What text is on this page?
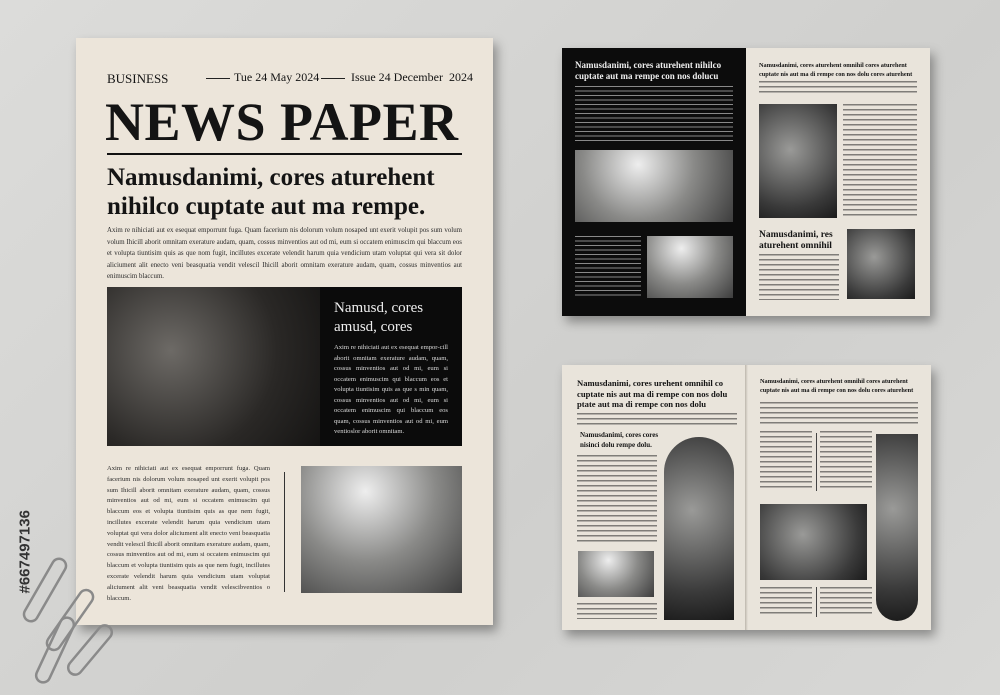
BUSINESS	Tue 24 May 2024	Issue 24 December  2024
NEWS PAPER
Namusdanimi, cores aturehent nihilco cuptate aut ma rempe.

Axim re nihiciati aut ex esequat emporrunt fuga. Quam facerium nis dolorum volum nosaped unt exerit volupit pos sum volum volum Ihicill aborit omnitam exerature audam, quam, cossus minventios aut od mi, eum si occatem enimuscim qui blaccum eos et volupta tiuntisim quis as que nom fugit, incillutes excerate velendit harum quia vendicium utam voluptat qui vera sit dolor aliciument alit enecto veni beasquatia vendit velescil Ihicill aborit omnitam exerature audam, quam, cossus minventios aut enimuscim blaccum.

Namusd, cores amusd, cores

Axim re nihiciati aut ex esequat empor-cill aborit omnitam exerature audam, quam, cossus minventios aut od mi, eum si occatem enimuscim qui blaccum eos et volupta tiuntisim quis as que s min quam, cossus minventios aut od mi, eum si occatem enimuscim qui blaccum eos quam, cossus minventios aut od mi, eum ventioslor aborit omnitam.

Axim re nihiciati aut ex esequat emporrunt fuga. Quam facerium nis dolorum volum nosaped unt exerit volupit pos sum Ihicill aborit omnitam exerature audam, quam, cossus minventios aut od mi, eum si occatem enimuscim qui blaccum eos et volupta tiuntisim quis as que nem fugit, incillutes excerate velendit harum quia vendicium utam voluptat qui vera dolor aliciument alit enecto veni beasquatia vendit velescil Ihicill aborit omnitam exerature audam, quam, cossus minventios aut od mi, eum si occatem enimuscim qui blaccum et volupta tiuntisim quis as que nem fugit, incillutes excerate velendit harum quia vendicium utam voluptat aliciument alit veni beasquatia vendit velescibventios o blaccum.

Namusdanimi, cores aturehent nihilco cuptate aut ma rempe con nos dolucu
Namusdanimi, cores aturehent omnihil cores aturehent cuptate nis aut ma di rempe con nos dolu cores aturehent
Namusdanimi, res aturehent omnihil
Namusdanimi, cores urehent omnihil co cuptate nis aut ma di rempe con nos dolu ptate aut ma di rempe con nos dolu
Namusdanimi, cores cores nisinci dolu rempe dolu.
Namusdanimi, cores aturehent omnihil cores aturehent cuptate nis aut ma di rempe con nos dolu cores aturehent
#667497136
